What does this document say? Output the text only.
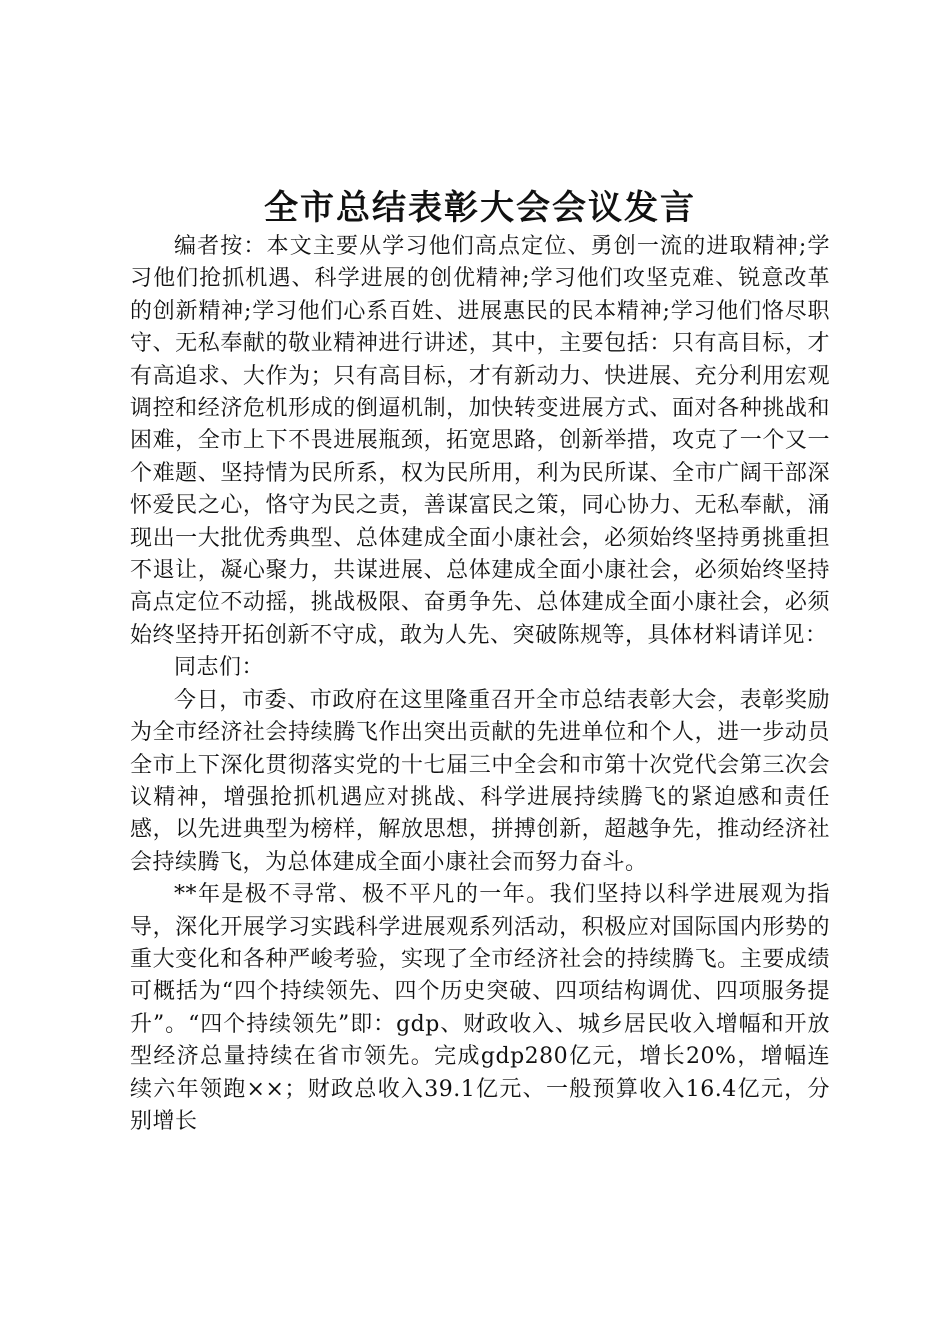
全市总结表彰大会会议发言

编者按：本文主要从学习他们高点定位、勇创一流的进取精神;学习他们抢抓机遇、科学进展的创优精神;学习他们攻坚克难、锐意改革的创新精神;学习他们心系百姓、进展惠民的民本精神;学习他们恪尽职守、无私奉献的敬业精神进行讲述，其中，主要包括：只有高目标，才有高追求、大作为；只有高目标，才有新动力、快进展、充分利用宏观调控和经济危机形成的倒逼机制，加快转变进展方式、面对各种挑战和困难，全市上下不畏进展瓶颈，拓宽思路，创新举措，攻克了一个又一个难题、坚持情为民所系，权为民所用，利为民所谋、全市广阔干部深怀爱民之心，恪守为民之责，善谋富民之策，同心协力、无私奉献，涌现出一大批优秀典型、总体建成全面小康社会，必须始终坚持勇挑重担不退让，凝心聚力，共谋进展、总体建成全面小康社会，必须始终坚持高点定位不动摇，挑战极限、奋勇争先、总体建成全面小康社会，必须始终坚持开拓创新不守成，敢为人先、突破陈规等，具体材料请详见：

同志们：

今日，市委、市政府在这里隆重召开全市总结表彰大会，表彰奖励为全市经济社会持续腾飞作出突出贡献的先进单位和个人，进一步动员全市上下深化贯彻落实党的十七届三中全会和市第十次党代会第三次会议精神，增强抢抓机遇应对挑战、科学进展持续腾飞的紧迫感和责任感，以先进典型为榜样，解放思想，拼搏创新，超越争先，推动经济社会持续腾飞，为总体建成全面小康社会而努力奋斗。

**年是极不寻常、极不平凡的一年。我们坚持以科学进展观为指导，深化开展学习实践科学进展观系列活动，积极应对国际国内形势的重大变化和各种严峻考验，实现了全市经济社会的持续腾飞。主要成绩可概括为“四个持续领先、四个历史突破、四项结构调优、四项服务提升”。“四个持续领先”即：gdp、财政收入、城乡居民收入增幅和开放型经济总量持续在省市领先。完成gdp280亿元，增长20%，增幅连续六年领跑××；财政总收入39.1亿元、一般预算收入16.4亿元，分别增长
